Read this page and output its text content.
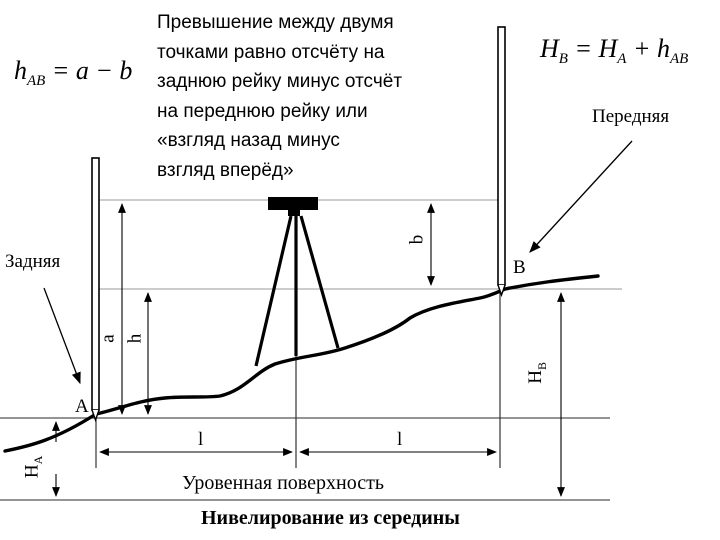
$h_{AB} = a - b$
$H_B = H_A + h_{AB}$
Превышение между двумя
точками равно отсчёту на
заднюю рейку минус отсчёт
на переднюю рейку или
«взгляд назад минус
взгляд вперёд»
Задняя
Передняя
A
B
l	l
a h
b
$H_B$
$H_A$
Уровенная поверхность
Нивелирование из середины
